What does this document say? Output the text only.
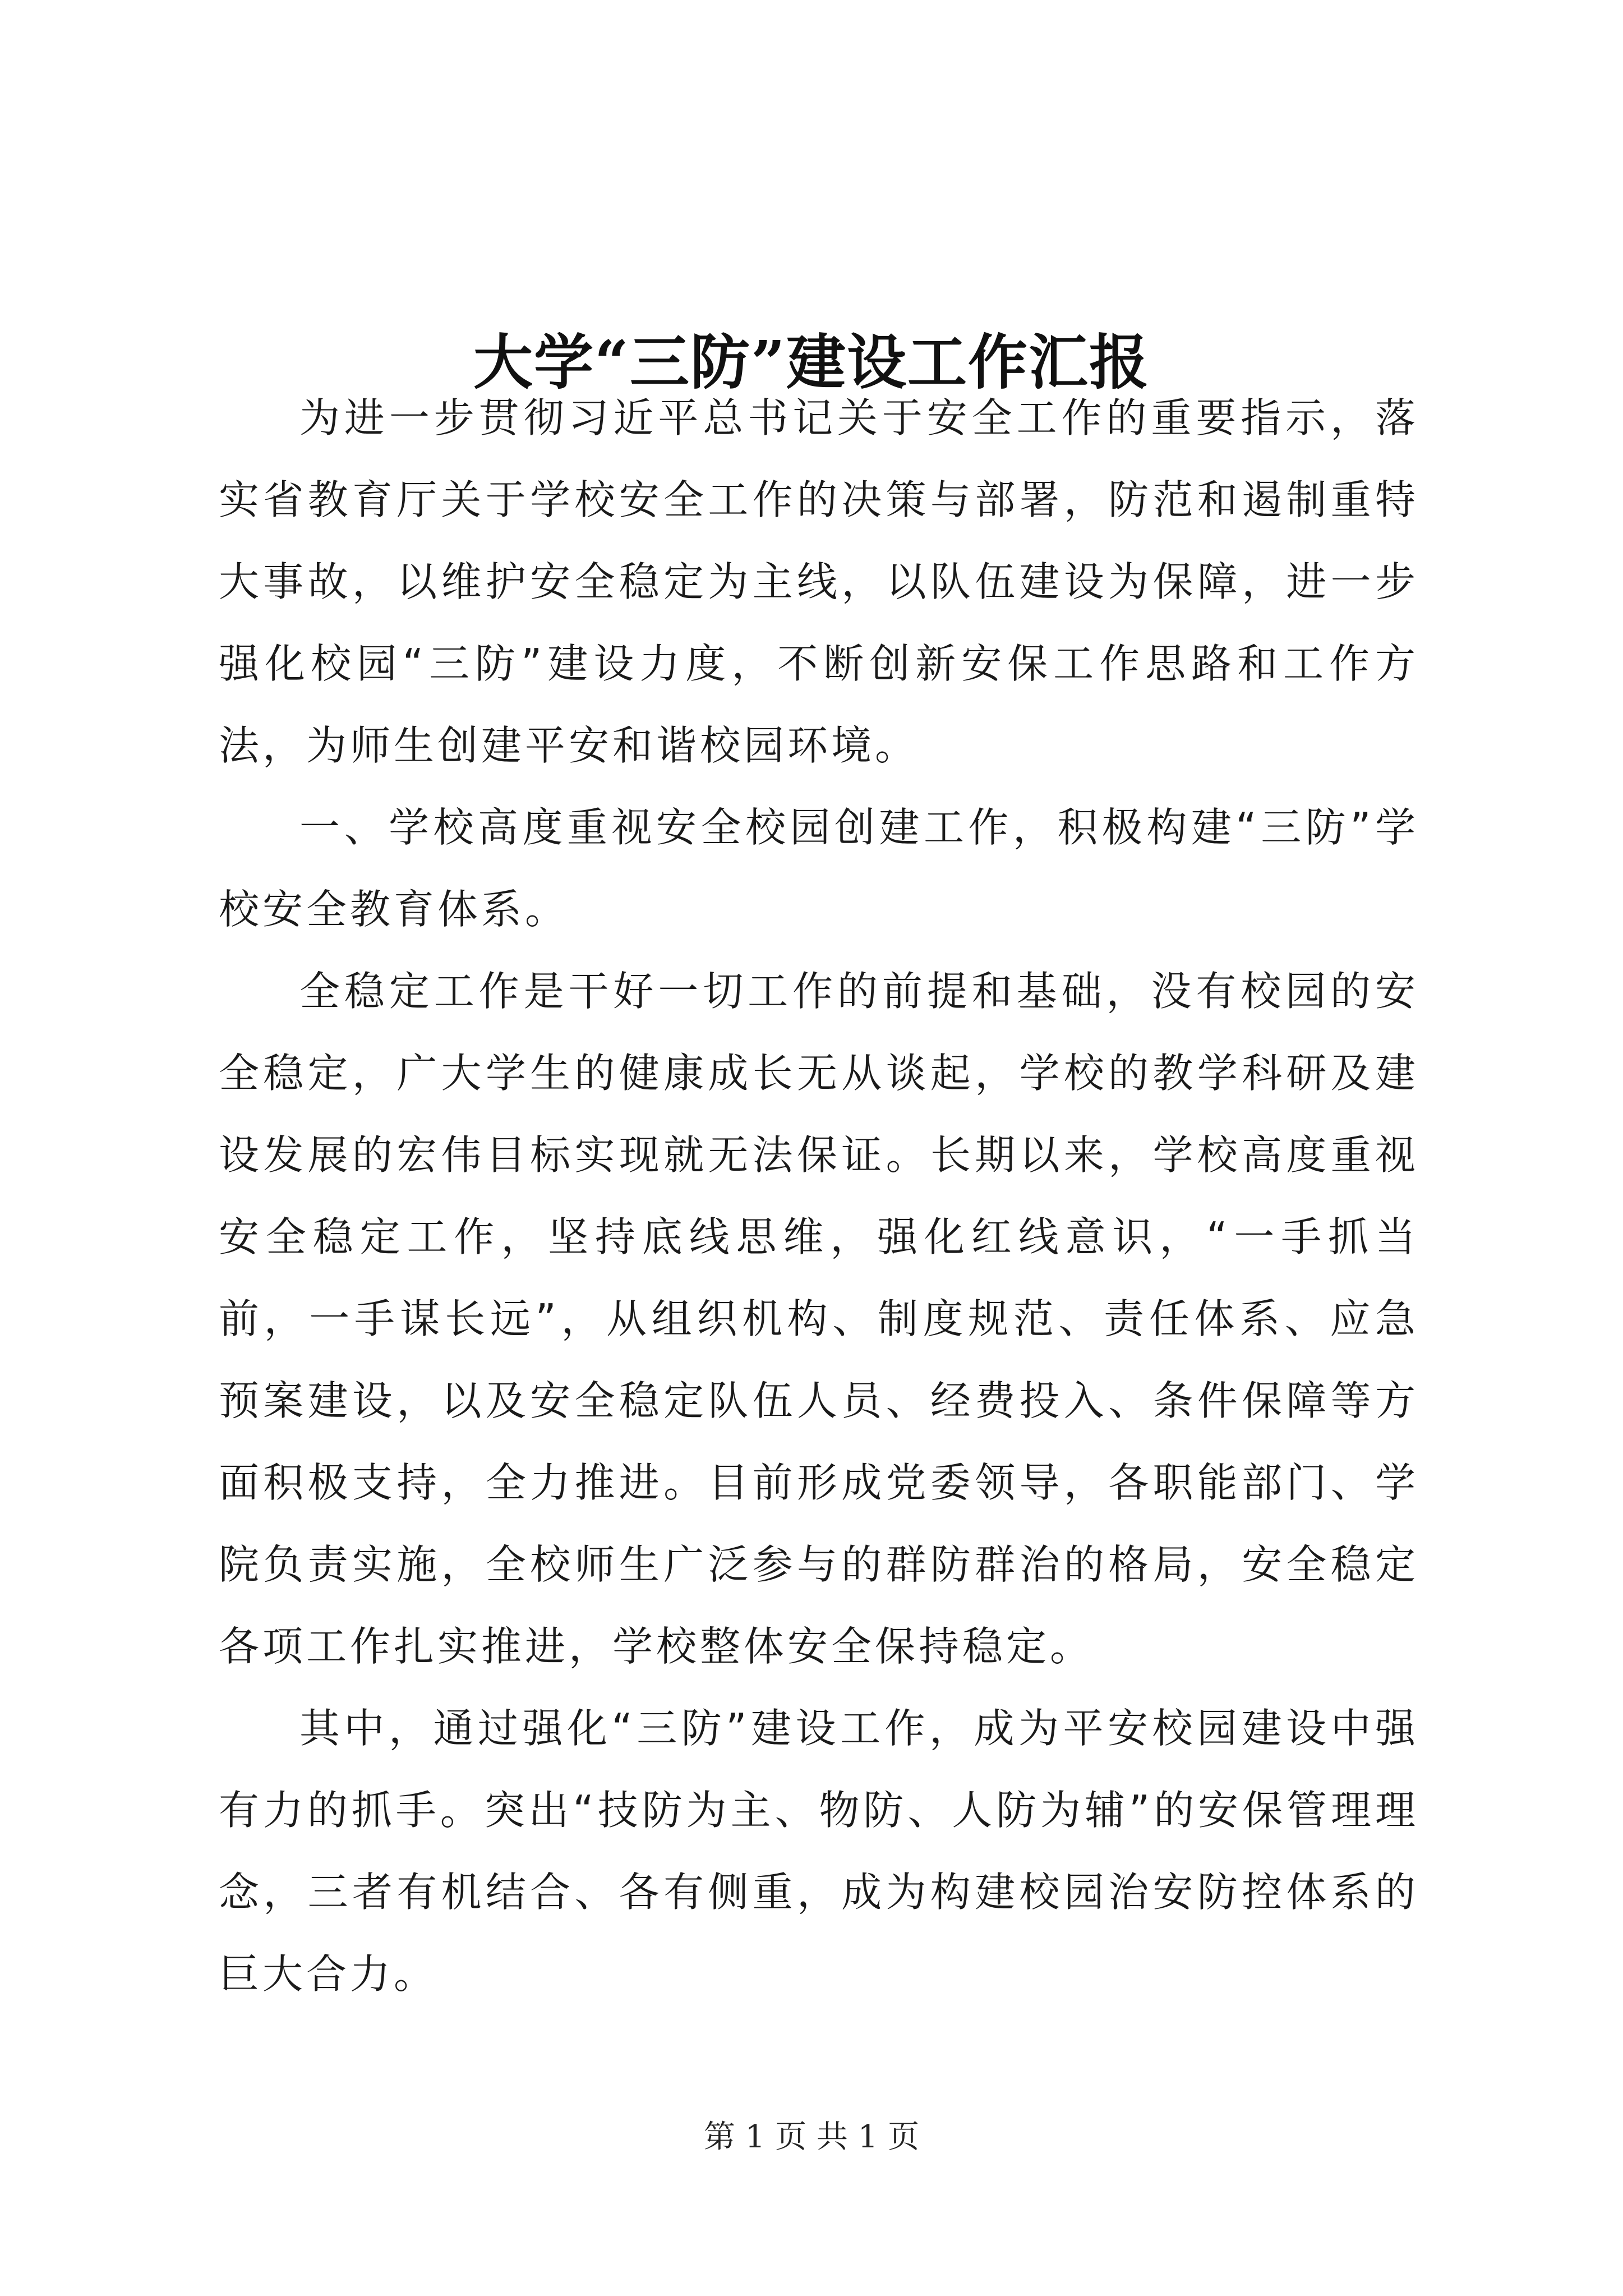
大学“三防”建设工作汇报

为进一步贯彻习近平总书记关于安全工作的重要指示，落实省教育厅关于学校安全工作的决策与部署，防范和遏制重特大事故，以维护安全稳定为主线，以队伍建设为保障，进一步强化校园“三防”建设力度，不断创新安保工作思路和工作方法，为师生创建平安和谐校园环境。

一、学校高度重视安全校园创建工作，积极构建“三防”学校安全教育体系。

全稳定工作是干好一切工作的前提和基础，没有校园的安全稳定，广大学生的健康成长无从谈起，学校的教学科研及建设发展的宏伟目标实现就无法保证。长期以来，学校高度重视安全稳定工作，坚持底线思维，强化红线意识，“一手抓当前，一手谋长远”，从组织机构、制度规范、责任体系、应急预案建设，以及安全稳定队伍人员、经费投入、条件保障等方面积极支持，全力推进。目前形成党委领导，各职能部门、学院负责实施，全校师生广泛参与的群防群治的格局，安全稳定各项工作扎实推进，学校整体安全保持稳定。

其中，通过强化“三防”建设工作，成为平安校园建设中强有力的抓手。突出“技防为主、物防、人防为辅”的安保管理理念，三者有机结合、各有侧重，成为构建校园治安防控体系的巨大合力。

第 1 页 共 1 页
